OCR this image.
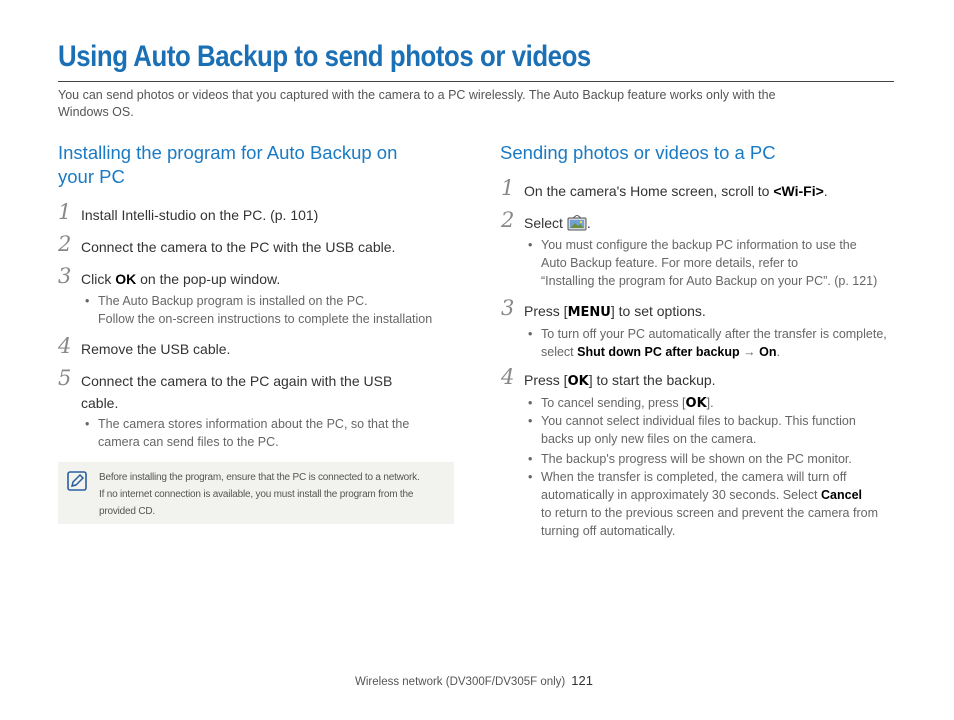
Using Auto Backup to send photos or videos

You can send photos or videos that you captured with the camera to a PC wirelessly. The Auto Backup feature works only with the
Windows OS.

Installing the program for Auto Backup on
your PC
1 Install Intelli-studio on the PC. (p. 101)
2 Connect the camera to the PC with the USB cable.
3 Click OK on the pop-up window.
• The Auto Backup program is installed on the PC.
Follow the on-screen instructions to complete the installation
4 Remove the USB cable.
5 Connect the camera to the PC again with the USB
cable.
• The camera stores information about the PC, so that the
camera can send files to the PC.
Before installing the program, ensure that the PC is connected to a network.
If no internet connection is available, you must install the program from the
provided CD.
Sending photos or videos to a PC
1 On the camera's Home screen, scroll to <Wi-Fi>.
2 Select .
• You must configure the backup PC information to use the
Auto Backup feature. For more details, refer to
“Installing the program for Auto Backup on your PC”. (p. 121)
3 Press [MENU] to set options.
• To turn off your PC automatically after the transfer is complete,
select Shut down PC after backup → On.
4 Press [OK] to start the backup.
• To cancel sending, press [OK].
• You cannot select individual files to backup. This function
backs up only new files on the camera.
• The backup's progress will be shown on the PC monitor.
• When the transfer is completed, the camera will turn off
automatically in approximately 30 seconds. Select Cancel
to return to the previous screen and prevent the camera from
turning off automatically.
Wireless network (DV300F/DV305F only) 121
